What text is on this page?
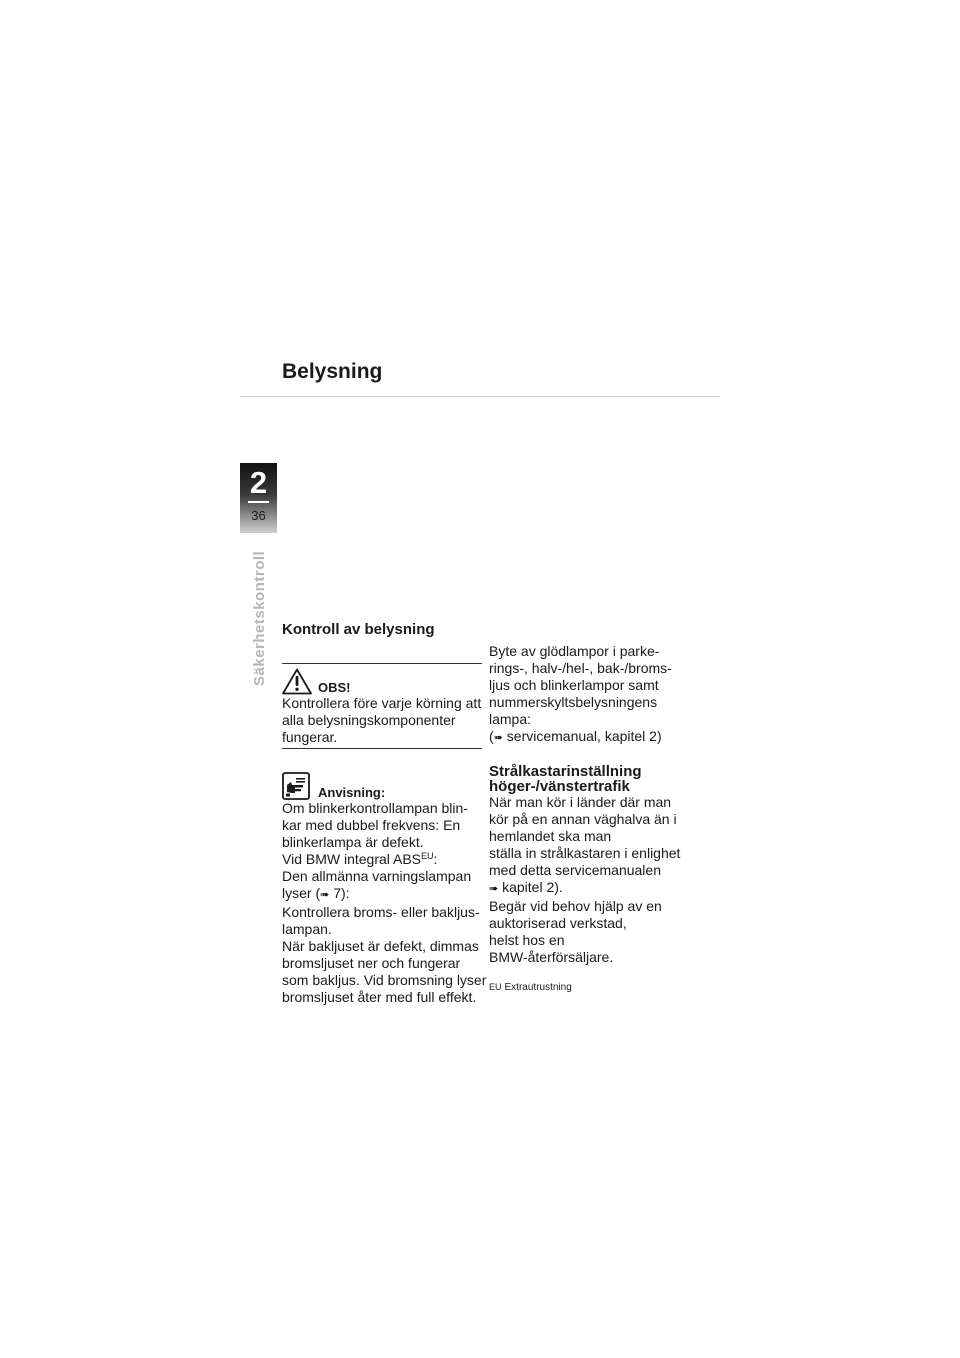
Belysning
2
36
Säkerhetskontroll Kontroll av belysning
OBS!
Kontrollera före varje körning att
alla belysningskomponenter
fungerar.
Anvisning:
Om blinkerkontrollampan blin-
kar med dubbel frekvens: En
blinkerlampa är defekt.
Vid BMW integral $ABS^{EU}$:
Den allmänna varningslampan
lyser (➠ 7):
Kontrollera broms- eller bakljus-
lampan.
När bakljuset är defekt, dimmas
bromsljuset ner och fungerar
som bakljus. Vid bromsning lyser
bromsljuset åter med full effekt.
Byte av glödlampor i parke-
rings-, halv-/hel-, bak-/broms-
ljus och blinkerlampor samt
nummerskyltsbelysningens
lampa:
(➠ servicemanual, kapitel 2)
Strålkastarinställning
höger-/vänstertrafik
När man kör i länder där man
kör på en annan väghalva än i
hemlandet ska man
ställa in strålkastaren i enlighet
med detta servicemanualen
➠ kapitel 2).
Begär vid behov hjälp av en
auktoriserad verkstad,
helst hos en
BMW-återförsäljare.
EU Extrautrustning
